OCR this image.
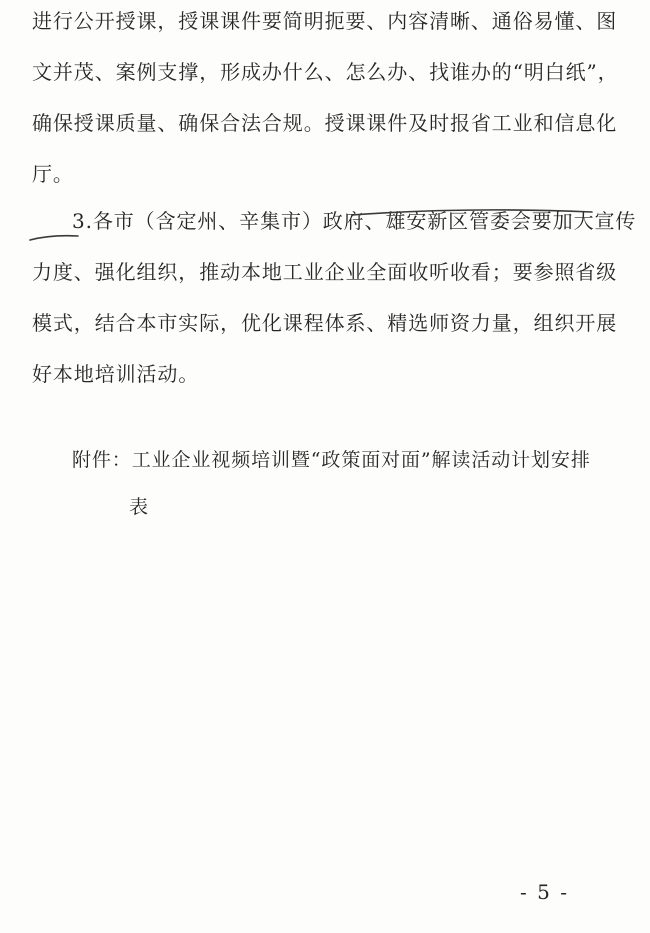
进行公开授课，授课课件要简明扼要、内容清晰、通俗易懂、图
文并茂、案例支撑，形成办什么、怎么办、找谁办的“明白纸”，
确保授课质量、确保合法合规。授课课件及时报省工业和信息化
厅。
3.各市（含定州、辛集市）政府、雄安新区管委会要加大宣传
力度、强化组织，推动本地工业企业全面收听收看；要参照省级
模式，结合本市实际，优化课程体系、精选师资力量，组织开展
好本地培训活动。
附件：工业企业视频培训暨“政策面对面”解读活动计划安排
表
- 5 -
